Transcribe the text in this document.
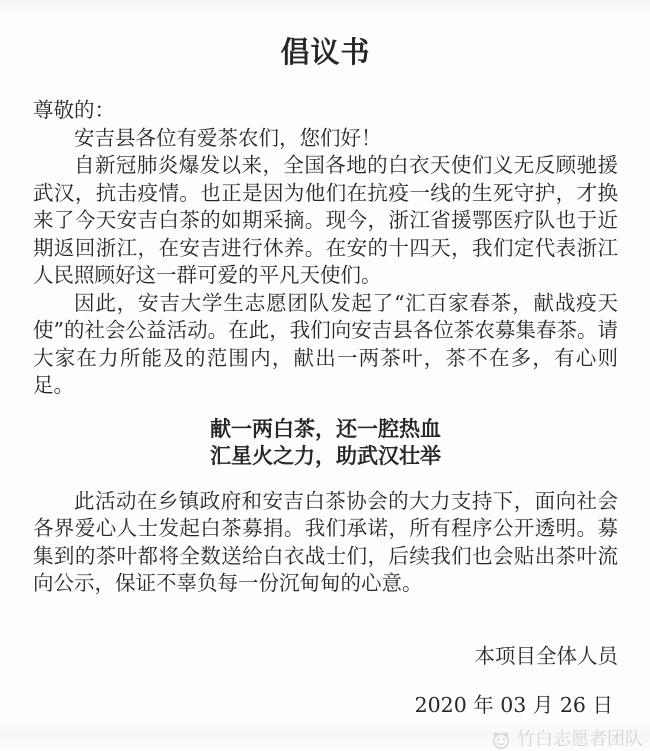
倡议书
尊敬的：
安吉县各位有爱茶农们，您们好！

自新冠肺炎爆发以来，全国各地的白衣天使们义无反顾驰援武汉，抗击疫情。也正是因为他们在抗疫一线的生死守护，才换来了今天安吉白茶的如期采摘。现今，浙江省援鄂医疗队也于近期返回浙江，在安吉进行休养。在安的十四天，我们定代表浙江人民照顾好这一群可爱的平凡天使们。

因此，安吉大学生志愿团队发起了“汇百家春茶，献战疫天使”的社会公益活动。在此，我们向安吉县各位茶农募集春茶。请大家在力所能及的范围内，献出一两茶叶，茶不在多，有心则足。

献一两白茶，还一腔热血
汇星火之力，助武汉壮举

此活动在乡镇政府和安吉白茶协会的大力支持下，面向社会各界爱心人士发起白茶募捐。我们承诺，所有程序公开透明。募集到的茶叶都将全数送给白衣战士们，后续我们也会贴出茶叶流向公示，保证不辜负每一份沉甸甸的心意。

本项目全体人员
2020 年 03 月 26 日
竹白志愿者团队
